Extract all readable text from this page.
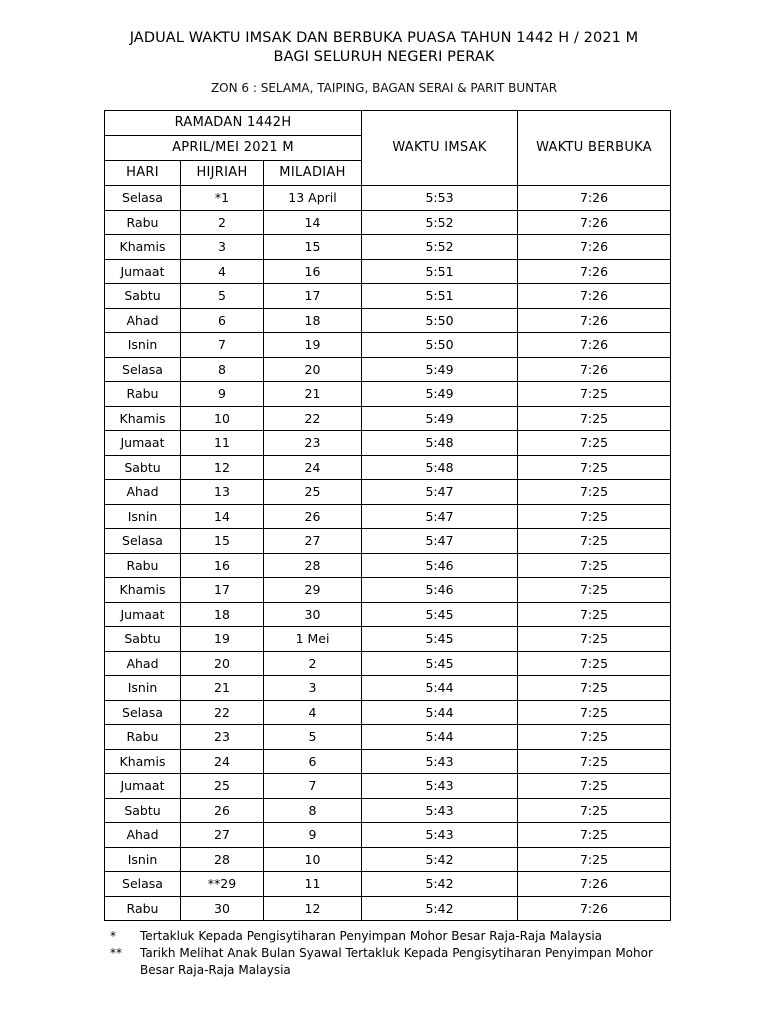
JADUAL WAKTU IMSAK DAN BERBUKA PUASA TAHUN 1442 H / 2021 M
BAGI SELURUH NEGERI PERAK
ZON 6 : SELAMA, TAIPING, BAGAN SERAI & PARIT BUNTAR
RAMADAN 1442H			WAKTU IMSAK	WAKTU BERBUKA
APRIL/MEI 2021 M				
HARI	HIJRIAH	MILADIAH		
Selasa	*1	13 April	5:53	7:26
Rabu	2	14	5:52	7:26
Khamis	3	15	5:52	7:26
Jumaat	4	16	5:51	7:26
Sabtu	5	17	5:51	7:26
Ahad	6	18	5:50	7:26
Isnin	7	19	5:50	7:26
Selasa	8	20	5:49	7:26
Rabu	9	21	5:49	7:25
Khamis	10	22	5:49	7:25
Jumaat	11	23	5:48	7:25
Sabtu	12	24	5:48	7:25
Ahad	13	25	5:47	7:25
Isnin	14	26	5:47	7:25
Selasa	15	27	5:47	7:25
Rabu	16	28	5:46	7:25
Khamis	17	29	5:46	7:25
Jumaat	18	30	5:45	7:25
Sabtu	19	1 Mei	5:45	7:25
Ahad	20	2	5:45	7:25
Isnin	21	3	5:44	7:25
Selasa	22	4	5:44	7:25
Rabu	23	5	5:44	7:25
Khamis	24	6	5:43	7:25
Jumaat	25	7	5:43	7:25
Sabtu	26	8	5:43	7:25
Ahad	27	9	5:43	7:25
Isnin	28	10	5:42	7:25
Selasa	**29	11	5:42	7:26
Rabu	30	12	5:42	7:26
*	Tertakluk Kepada Pengisytiharan Penyimpan Mohor Besar Raja-Raja Malaysia
**	Tarikh Melihat Anak Bulan Syawal Tertakluk Kepada Pengisytiharan Penyimpan Mohor Besar Raja-Raja Malaysia
